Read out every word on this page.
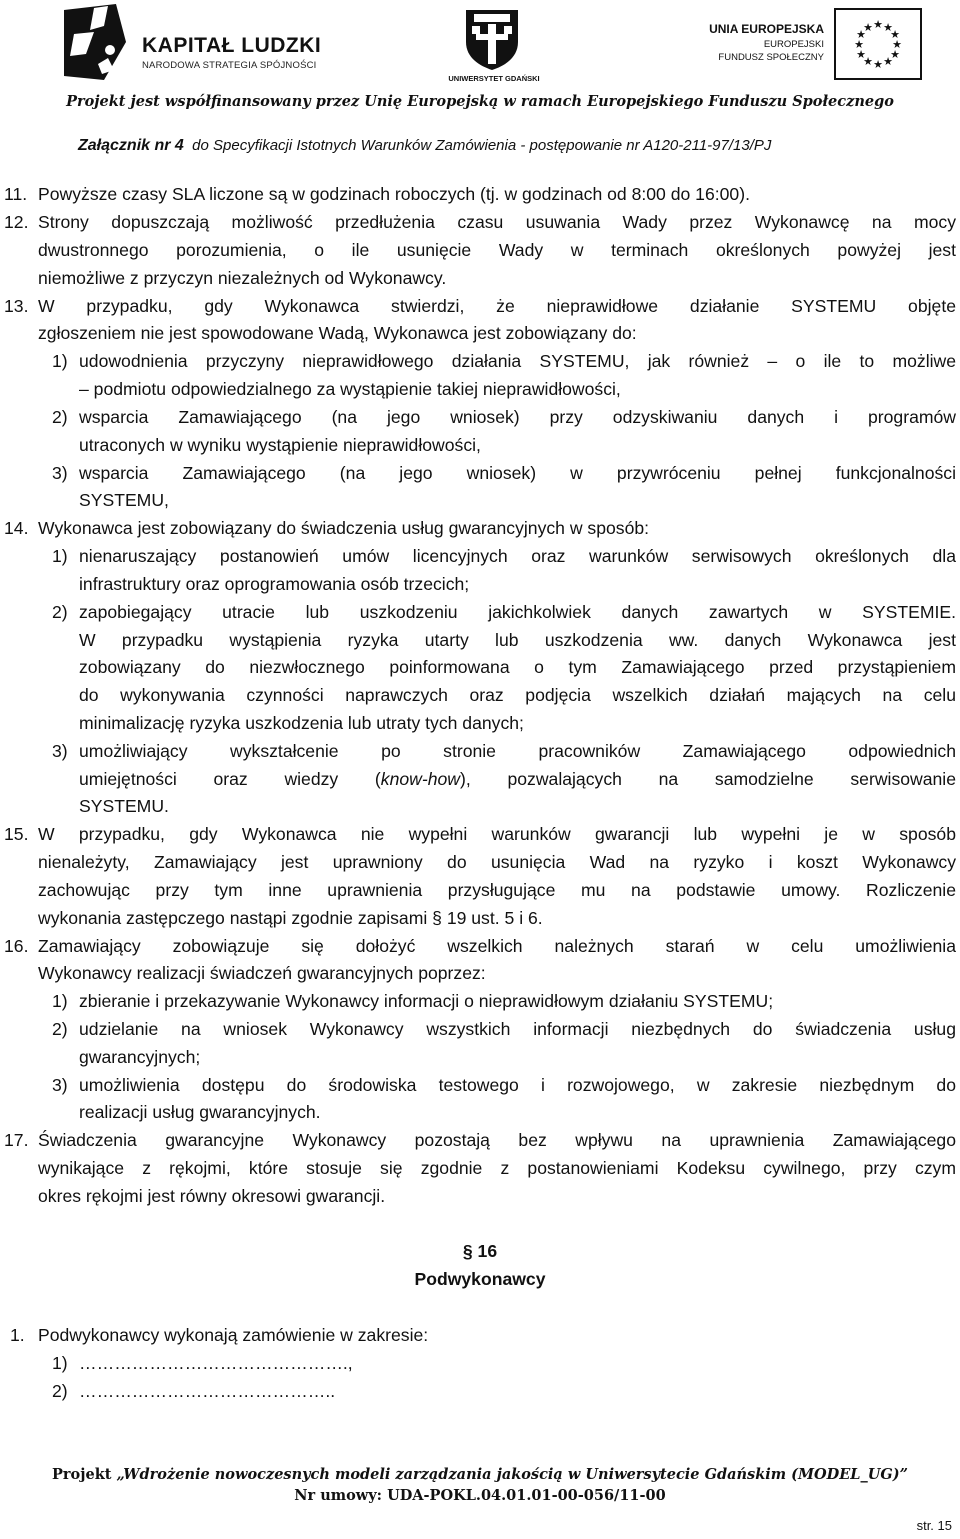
KAPITAŁ LUDZKI
NARODOWA STRATEGIA SPÓJNOŚCI
UNIWERSYTET GDAŃSKI
UNIA EUROPEJSKA
EUROPEJSKI
FUNDUSZ SPOŁECZNY
★ ★
★
★
★
★
★
★
★
★
★
★
Projekt jest współfinansowany przez Unię Europejską w ramach Europejskiego Funduszu Społecznego
Załącznik nr 4 do Specyfikacji Istotnych Warunków Zamówienia - postępowanie nr A120-211-97/13/PJ
11. Powyższe czasy SLA liczone są w godzinach roboczych (tj. w godzinach od 8:00 do 16:00).
12. Strony dopuszczają możliwość przedłużenia czasu usuwania Wady przez Wykonawcę na mocy
dwustronnego porozumienia, o ile usunięcie Wady w terminach określonych powyżej jest
niemożliwe z przyczyn niezależnych od Wykonawcy.
13. W przypadku, gdy Wykonawca stwierdzi, że nieprawidłowe działanie SYSTEMU objęte
zgłoszeniem nie jest spowodowane Wadą, Wykonawca jest zobowiązany do:
1) udowodnienia przyczyny nieprawidłowego działania SYSTEMU, jak również – o ile to możliwe
– podmiotu odpowiedzialnego za wystąpienie takiej nieprawidłowości,
2) wsparcia Zamawiającego (na jego wniosek) przy odzyskiwaniu danych i programów
utraconych w wyniku wystąpienie nieprawidłowości,
3) wsparcia Zamawiającego (na jego wniosek) w przywróceniu pełnej funkcjonalności
SYSTEMU,
14. Wykonawca jest zobowiązany do świadczenia usług gwarancyjnych w sposób:
1) nienaruszający postanowień umów licencyjnych oraz warunków serwisowych określonych dla
infrastruktury oraz oprogramowania osób trzecich;
2) zapobiegający utracie lub uszkodzeniu jakichkolwiek danych zawartych w SYSTEMIE.
W przypadku wystąpienia ryzyka utarty lub uszkodzenia ww. danych Wykonawca jest
zobowiązany do niezwłocznego poinformowana o tym Zamawiającego przed przystąpieniem
do wykonywania czynności naprawczych oraz podjęcia wszelkich działań mających na celu
minimalizację ryzyka uszkodzenia lub utraty tych danych;
3) umożliwiający wykształcenie po stronie pracowników Zamawiającego odpowiednich
umiejętności oraz wiedzy (know-how), pozwalających na samodzielne serwisowanie
SYSTEMU.
15. W przypadku, gdy Wykonawca nie wypełni warunków gwarancji lub wypełni je w sposób
nienależyty, Zamawiający jest uprawniony do usunięcia Wad na ryzyko i koszt Wykonawcy
zachowując przy tym inne uprawnienia przysługujące mu na podstawie umowy. Rozliczenie
wykonania zastępczego nastąpi zgodnie zapisami § 19 ust. 5 i 6.
16. Zamawiający zobowiązuje się dołożyć wszelkich należnych starań w celu umożliwienia
Wykonawcy realizacji świadczeń gwarancyjnych poprzez:
1) zbieranie i przekazywanie Wykonawcy informacji o nieprawidłowym działaniu SYSTEMU;
2) udzielanie na wniosek Wykonawcy wszystkich informacji niezbędnych do świadczenia usług
gwarancyjnych;
3) umożliwienia dostępu do środowiska testowego i rozwojowego, w zakresie niezbędnym do
realizacji usług gwarancyjnych.
17. Świadczenia gwarancyjne Wykonawcy pozostają bez wpływu na uprawnienia Zamawiającego
wynikające z rękojmi, które stosuje się zgodnie z postanowieniami Kodeksu cywilnego, przy czym
okres rękojmi jest równy okresowi gwarancji.
§ 16
Podwykonawcy
1. Podwykonawcy wykonają zamówienie w zakresie:
1) ……………………………………….,
2) ……………………………………..
Projekt „Wdrożenie nowoczesnych modeli zarządzania jakością w Uniwersytecie Gdańskim (MODEL_UG)”
Nr umowy: UDA-POKL.04.01.01-00-056/11-00
str. 15
